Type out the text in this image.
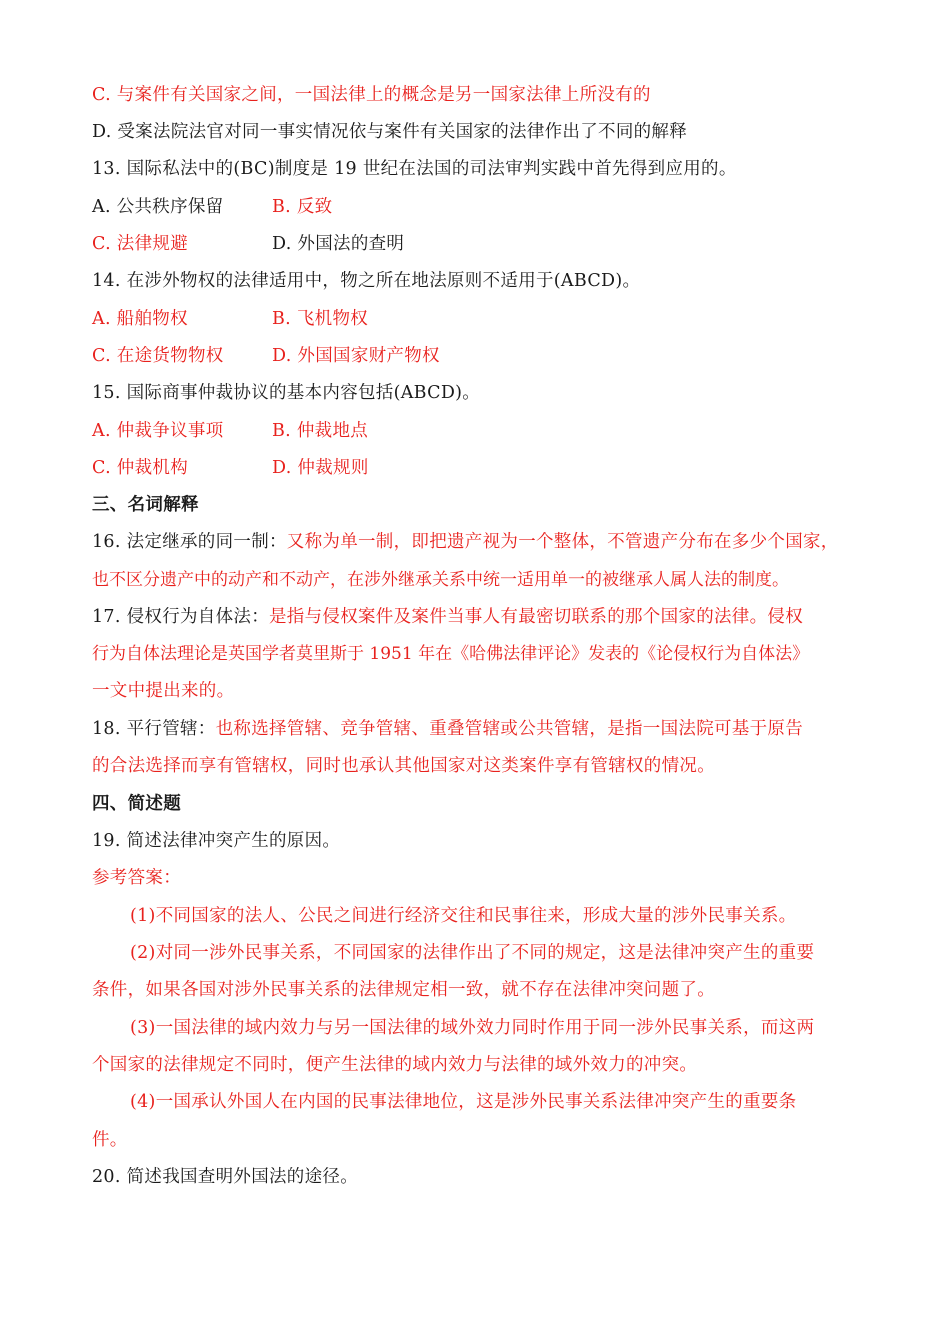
C. 与案件有关国家之间，一国法律上的概念是另一国家法律上所没有的
D. 受案法院法官对同一事实情况依与案件有关国家的法律作出了不同的解释
13. 国际私法中的(BC)制度是 19 世纪在法国的司法审判实践中首先得到应用的。
A. 公共秩序保留	B. 反致
C. 法律规避	D. 外国法的查明
14. 在涉外物权的法律适用中，物之所在地法原则不适用于(ABCD)。
A. 船舶物权	B. 飞机物权
C. 在途货物物权	D. 外国国家财产物权
15. 国际商事仲裁协议的基本内容包括(ABCD)。
A. 仲裁争议事项	B. 仲裁地点
C. 仲裁机构	D. 仲裁规则
三、名词解释
16. 法定继承的同一制：又称为单一制，即把遗产视为一个整体，不管遗产分布在多少个国家，
也不区分遗产中的动产和不动产，在涉外继承关系中统一适用单一的被继承人属人法的制度。
17. 侵权行为自体法：是指与侵权案件及案件当事人有最密切联系的那个国家的法律。侵权
行为自体法理论是英国学者莫里斯于 1951 年在《哈佛法律评论》发表的《论侵权行为自体法》
一文中提出来的。
18. 平行管辖：也称选择管辖、竞争管辖、重叠管辖或公共管辖，是指一国法院可基于原告
的合法选择而享有管辖权，同时也承认其他国家对这类案件享有管辖权的情况。
四、简述题
19. 简述法律冲突产生的原因。
参考答案：
(1)不同国家的法人、公民之间进行经济交往和民事往来，形成大量的涉外民事关系。
(2)对同一涉外民事关系，不同国家的法律作出了不同的规定，这是法律冲突产生的重要
条件，如果各国对涉外民事关系的法律规定相一致，就不存在法律冲突问题了。
(3)一国法律的域内效力与另一国法律的域外效力同时作用于同一涉外民事关系，而这两
个国家的法律规定不同时，便产生法律的域内效力与法律的域外效力的冲突。
(4)一国承认外国人在内国的民事法律地位，这是涉外民事关系法律冲突产生的重要条
件。
20. 简述我国查明外国法的途径。
